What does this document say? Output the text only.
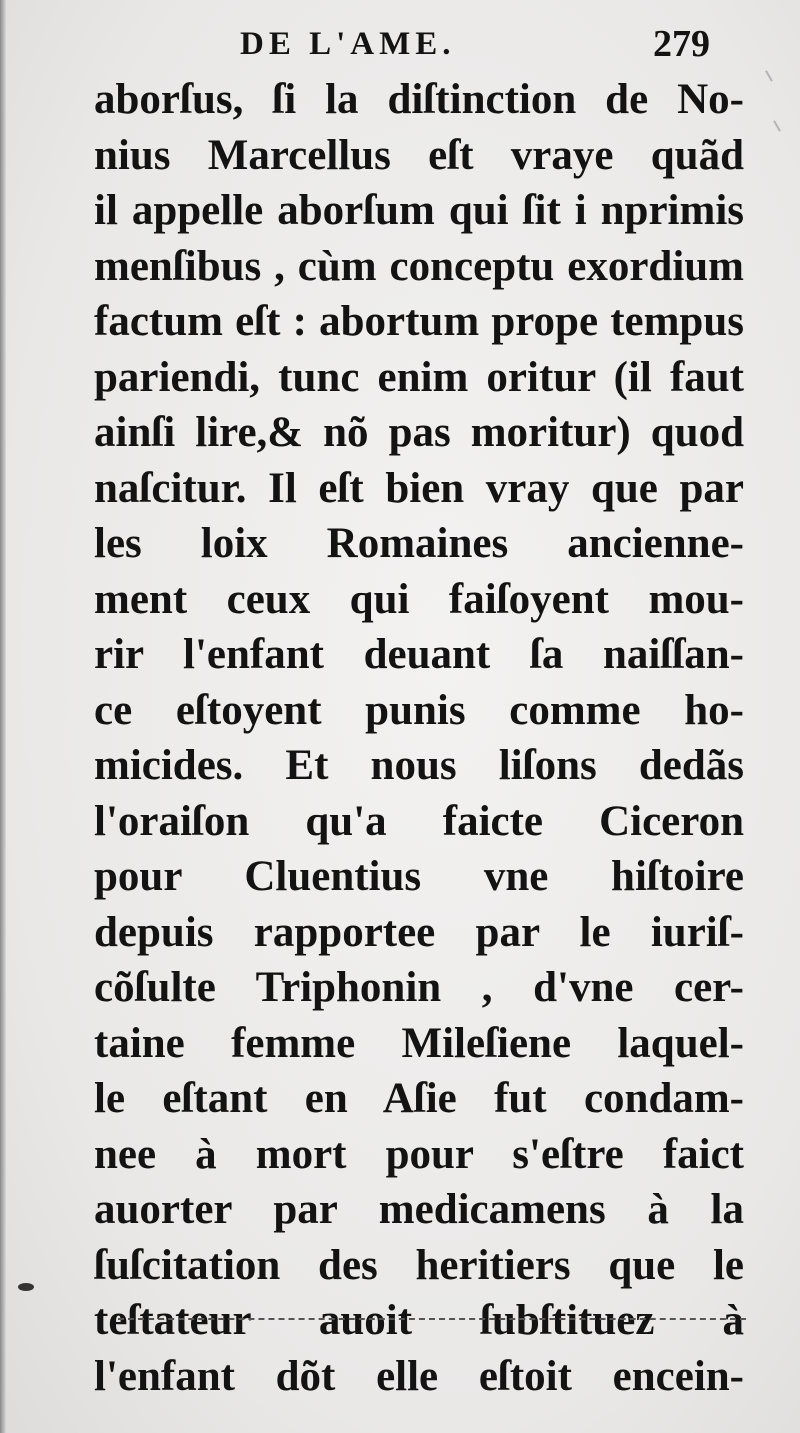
DE L'AME.	279
aborſus, ſi la diſtinction de No-
nius Marcellus eſt vraye quãd
il appelle aborſum qui ſit i nprimis
menſibus , cùm conceptu exordium
factum eſt : abortum prope tempus
pariendi, tunc enim oritur (il faut
ainſi lire,& nõ pas moritur) quod
naſcitur. Il eſt bien vray que par
les loix Romaines ancienne-
ment ceux qui faiſoyent mou-
rir l'enfant deuant ſa naiſſan-
ce eſtoyent punis comme ho-
micides. Et nous liſons dedãs
l'oraiſon qu'a faicte Ciceron
pour Cluentius vne hiſtoire
depuis rapportee par le iuriſ-
cõſulte Triphonin , d'vne cer-
taine femme Mileſiene laquel-
le eſtant en Aſie fut condam-
nee à mort pour s'eſtre faict
auorter par medicamens à la
ſuſcitation des heritiers que le
teſtateur auoit ſubſtituez à
l'enfant dõt elle eſtoit encein-
